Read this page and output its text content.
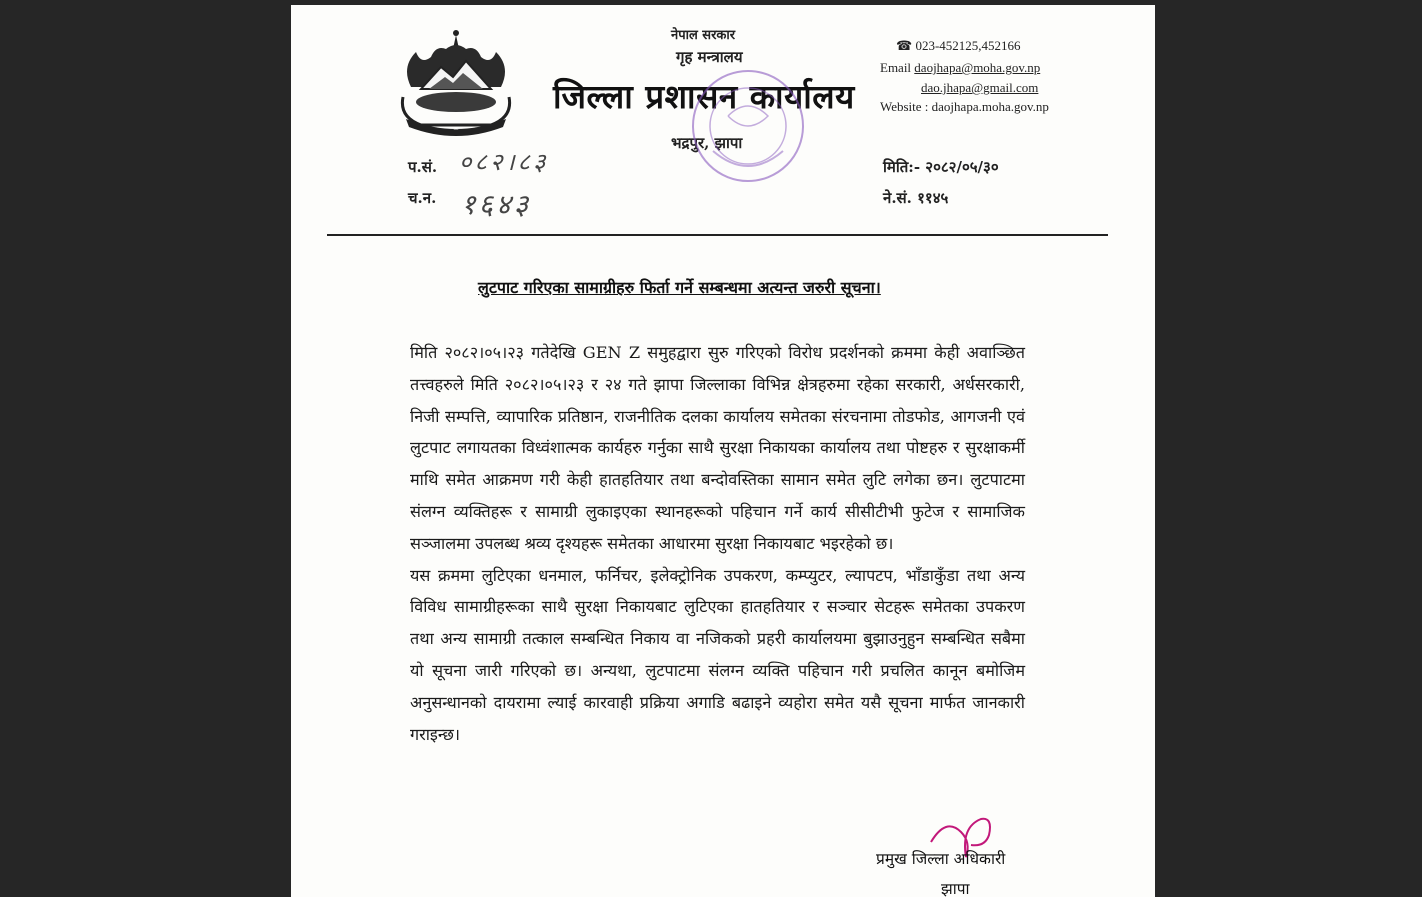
—
नेपाल सरकार
गृह मन्त्रालय
जिल्ला प्रशासन कार्यालय
भद्रपुर, झापा
☎ 023-452125,452166
Email daojhapa@moha.gov.np
dao.jhapa@gmail.com
Website : daojhapa.moha.gov.np
प.सं. ०८२।८३
च.न. १६४३
मिति:- २०८२/०५/३०
ने.सं. ११४५
लुटपाट गरिएका सामाग्रीहरु फिर्ता गर्ने सम्बन्धमा अत्यन्त जरुरी सूचना।

मिति २०८२।०५।२३ गतेदेखि GEN Z समुहद्वारा सुरु गरिएको विरोध प्रदर्शनको क्रममा केही अवाञ्छित तत्त्वहरुले मिति २०८२।०५।२३ र २४ गते झापा जिल्लाका विभिन्न क्षेत्रहरुमा रहेका सरकारी, अर्धसरकारी, निजी सम्पत्ति, व्यापारिक प्रतिष्ठान, राजनीतिक दलका कार्यालय समेतका संरचनामा तोडफोड, आगजनी एवं लुटपाट लगायतका विध्वंशात्मक कार्यहरु गर्नुका साथै सुरक्षा निकायका कार्यालय तथा पोष्टहरु र सुरक्षाकर्मी माथि समेत आक्रमण गरी केही हातहतियार तथा बन्दोवस्तिका सामान समेत लुटि लगेका छन। लुटपाटमा संलग्न व्यक्तिहरू र सामाग्री लुकाइएका स्थानहरूको पहिचान गर्ने कार्य सीसीटीभी फुटेज र सामाजिक सञ्जालमा उपलब्ध श्रव्य दृश्यहरू समेतका आधारमा सुरक्षा निकायबाट भइरहेको छ।

यस क्रममा लुटिएका धनमाल, फर्निचर, इलेक्ट्रोनिक उपकरण, कम्प्युटर, ल्यापटप, भाँडाकुँडा तथा अन्य विविध सामाग्रीहरूका साथै सुरक्षा निकायबाट लुटिएका हातहतियार र सञ्चार सेटहरू समेतका उपकरण तथा अन्य सामाग्री तत्काल सम्बन्धित निकाय वा नजिकको प्रहरी कार्यालयमा बुझाउनुहुन सम्बन्धित सबैमा यो सूचना जारी गरिएको छ। अन्यथा, लुटपाटमा संलग्न व्यक्ति पहिचान गरी प्रचलित कानून बमोजिम अनुसन्धानको दायरामा ल्याई कारवाही प्रक्रिया अगाडि बढाइने व्यहोरा समेत यसै सूचना मार्फत जानकारी गराइन्छ।

प्रमुख जिल्ला अधिकारी
झापा
